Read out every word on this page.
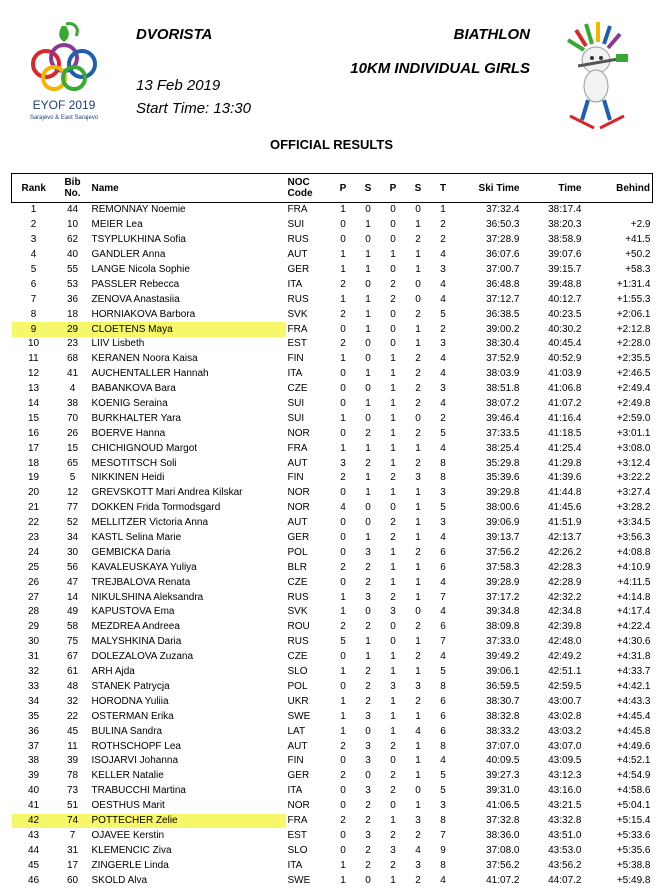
EYOF 2019
Sarajevo & East Sarajevo
DVORISTA
13 Feb 2019
Start Time: 13:30
BIATHLON
10KM INDIVIDUAL GIRLS
OFFICIAL RESULTS
Rank	Bib No.	Name	NOC Code	P	S	P	S	T	Ski Time	Time	Behind
1	44	REMONNAY Noemie	FRA	1	0	0	0	1	37:32.4	38:17.4	
2	10	MEIER Lea	SUI	0	1	0	1	2	36:50.3	38:20.3	+2.9
3	62	TSYPLUKHINA Sofia	RUS	0	0	0	2	2	37:28.9	38:58.9	+41.5
4	40	GANDLER Anna	AUT	1	1	1	1	4	36:07.6	39:07.6	+50.2
5	55	LANGE Nicola Sophie	GER	1	1	0	1	3	37:00.7	39:15.7	+58.3
6	53	PASSLER Rebecca	ITA	2	0	2	0	4	36:48.8	39:48.8	+1:31.4
7	36	ZENOVA Anastasiia	RUS	1	1	2	0	4	37:12.7	40:12.7	+1:55.3
8	18	HORNIAKOVA Barbora	SVK	2	1	0	2	5	36:38.5	40:23.5	+2:06.1
9	29	CLOETENS Maya	FRA	0	1	0	1	2	39:00.2	40:30.2	+2:12.8
10	23	LIIV Lisbeth	EST	2	0	0	1	3	38:30.4	40:45.4	+2:28.0
11	68	KERANEN Noora Kaisa	FIN	1	0	1	2	4	37:52.9	40:52.9	+2:35.5
12	41	AUCHENTALLER Hannah	ITA	0	1	1	2	4	38:03.9	41:03.9	+2:46.5
13	4	BABANKOVA Bara	CZE	0	0	1	2	3	38:51.8	41:06.8	+2:49.4
14	38	KOENIG Seraina	SUI	0	1	1	2	4	38:07.2	41:07.2	+2:49.8
15	70	BURKHALTER Yara	SUI	1	0	1	0	2	39:46.4	41:16.4	+2:59.0
16	26	BOERVE Hanna	NOR	0	2	1	2	5	37:33.5	41:18.5	+3:01.1
17	15	CHICHIGNOUD Margot	FRA	1	1	1	1	4	38:25.4	41:25.4	+3:08.0
18	65	MESOTITSCH Soli	AUT	3	2	1	2	8	35:29.8	41:29.8	+3:12.4
19	5	NIKKINEN Heidi	FIN	2	1	2	3	8	35:39.6	41:39.6	+3:22.2
20	12	GREVSKOTT Mari Andrea Kilskar	NOR	0	1	1	1	3	39:29.8	41:44.8	+3:27.4
21	77	DOKKEN Frida Tormodsgard	NOR	4	0	0	1	5	38:00.6	41:45.6	+3:28.2
22	52	MELLITZER Victoria Anna	AUT	0	0	2	1	3	39:06.9	41:51.9	+3:34.5
23	34	KASTL Selina Marie	GER	0	1	2	1	4	39:13.7	42:13.7	+3:56.3
24	30	GEMBICKA Daria	POL	0	3	1	2	6	37:56.2	42:26.2	+4:08.8
25	56	KAVALEUSKAYA Yuliya	BLR	2	2	1	1	6	37:58.3	42:28.3	+4:10.9
26	47	TREJBALOVA Renata	CZE	0	2	1	1	4	39:28.9	42:28.9	+4:11.5
27	14	NIKULSHINA Aleksandra	RUS	1	3	2	1	7	37:17.2	42:32.2	+4:14.8
28	49	KAPUSTOVA Ema	SVK	1	0	3	0	4	39:34.8	42:34.8	+4:17.4
29	58	MEZDREA Andreea	ROU	2	2	0	2	6	38:09.8	42:39.8	+4:22.4
30	75	MALYSHKINA Daria	RUS	5	1	0	1	7	37:33.0	42:48.0	+4:30.6
31	67	DOLEZALOVA Zuzana	CZE	0	1	1	2	4	39:49.2	42:49.2	+4:31.8
32	61	ARH Ajda	SLO	1	2	1	1	5	39:06.1	42:51.1	+4:33.7
33	48	STANEK Patrycja	POL	0	2	3	3	8	36:59.5	42:59.5	+4:42.1
34	32	HORODNA Yuliia	UKR	1	2	1	2	6	38:30.7	43:00.7	+4:43.3
35	22	OSTERMAN Erika	SWE	1	3	1	1	6	38:32.8	43:02.8	+4:45.4
36	45	BULINA Sandra	LAT	1	0	1	4	6	38:33.2	43:03.2	+4:45.8
37	11	ROTHSCHOPF Lea	AUT	2	3	2	1	8	37:07.0	43:07.0	+4:49.6
38	39	ISOJARVI Johanna	FIN	0	3	0	1	4	40:09.5	43:09.5	+4:52.1
39	78	KELLER Natalie	GER	2	0	2	1	5	39:27.3	43:12.3	+4:54.9
40	73	TRABUCCHI Martina	ITA	0	3	2	0	5	39:31.0	43:16.0	+4:58.6
41	51	OESTHUS Marit	NOR	0	2	0	1	3	41:06.5	43:21.5	+5:04.1
42	74	POTTECHER Zelie	FRA	2	2	1	3	8	37:32.8	43:32.8	+5:15.4
43	7	OJAVEE Kerstin	EST	0	3	2	2	7	38:36.0	43:51.0	+5:33.6
44	31	KLEMENCIC Ziva	SLO	0	2	3	4	9	37:08.0	43:53.0	+5:35.6
45	17	ZINGERLE Linda	ITA	1	2	2	3	8	37:56.2	43:56.2	+5:38.8
46	60	SKOLD Alva	SWE	1	0	1	2	4	41:07.2	44:07.2	+5:49.8
